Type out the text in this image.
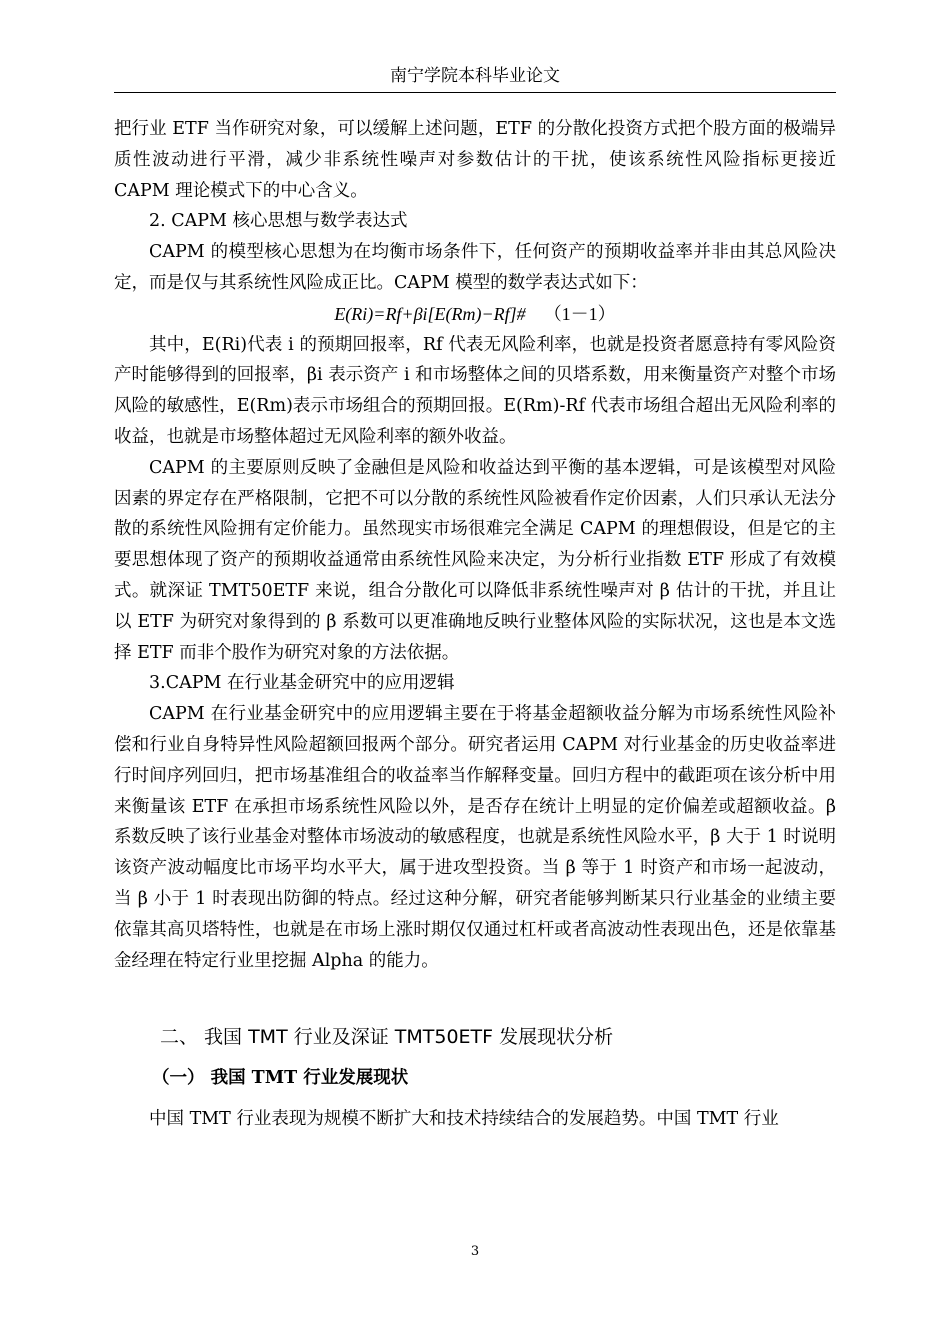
南宁学院本科毕业论文

把行业 ETF 当作研究对象，可以缓解上述问题，ETF 的分散化投资方式把个股方面的极端异质性波动进行平滑，减少非系统性噪声对参数估计的干扰，使该系统性风险指标更接近 CAPM 理论模式下的中心含义。

2. CAPM 核心思想与数学表达式

CAPM 的模型核心思想为在均衡市场条件下，任何资产的预期收益率并非由其总风险决定，而是仅与其系统性风险成正比。CAPM 模型的数学表达式如下：

E(Ri)=Rf+βi[E(Rm)−Rf]# （1－1）

其中，E(Ri)代表 i 的预期回报率，Rf 代表无风险利率，也就是投资者愿意持有零风险资产时能够得到的回报率，βi 表示资产 i 和市场整体之间的贝塔系数，用来衡量资产对整个市场风险的敏感性，E(Rm)表示市场组合的预期回报。E(Rm)-Rf 代表市场组合超出无风险利率的收益，也就是市场整体超过无风险利率的额外收益。

CAPM 的主要原则反映了金融但是风险和收益达到平衡的基本逻辑，可是该模型对风险因素的界定存在严格限制，它把不可以分散的系统性风险被看作定价因素，人们只承认无法分散的系统性风险拥有定价能力。虽然现实市场很难完全满足 CAPM 的理想假设，但是它的主要思想体现了资产的预期收益通常由系统性风险来决定，为分析行业指数 ETF 形成了有效模式。就深证 TMT50ETF 来说，组合分散化可以降低非系统性噪声对 β 估计的干扰，并且让以 ETF 为研究对象得到的 β 系数可以更准确地反映行业整体风险的实际状况，这也是本文选择 ETF 而非个股作为研究对象的方法依据。

3.CAPM 在行业基金研究中的应用逻辑

CAPM 在行业基金研究中的应用逻辑主要在于将基金超额收益分解为市场系统性风险补偿和行业自身特异性风险超额回报两个部分。研究者运用 CAPM 对行业基金的历史收益率进行时间序列回归，把市场基准组合的收益率当作解释变量。回归方程中的截距项在该分析中用来衡量该 ETF 在承担市场系统性风险以外，是否存在统计上明显的定价偏差或超额收益。β 系数反映了该行业基金对整体市场波动的敏感程度，也就是系统性风险水平，β 大于 1 时说明该资产波动幅度比市场平均水平大，属于进攻型投资。当 β 等于 1 时资产和市场一起波动，当 β 小于 1 时表现出防御的特点。经过这种分解，研究者能够判断某只行业基金的业绩主要依靠其高贝塔特性，也就是在市场上涨时期仅仅通过杠杆或者高波动性表现出色，还是依靠基金经理在特定行业里挖掘 Alpha 的能力。

二、 我国 TMT 行业及深证 TMT50ETF 发展现状分析
（一） 我国 TMT 行业发展现状

中国 TMT 行业表现为规模不断扩大和技术持续结合的发展趋势。中国 TMT 行业

3
